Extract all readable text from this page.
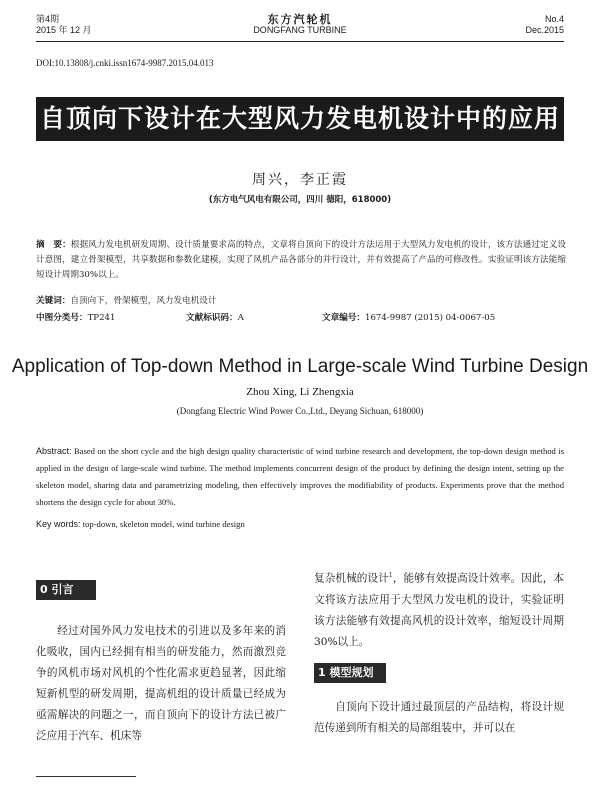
第4期
2015 年 12 月
东方汽轮机
DONGFANG TURBINE
No.4
Dec.2015
DOI:10.13808/j.cnki.issn1674-9987.2015.04.013
自顶向下设计在大型风力发电机设计中的应用
周兴，李正霞
(东方电气风电有限公司，四川 德阳，618000)
摘　要：根据风力发电机研发周期、设计质量要求高的特点，文章将自顶向下的设计方法运用于大型风力发电机的设计，该方法通过定义设计意图，建立骨架模型，共享数据和参数化建模，实现了风机产品各部分的并行设计，并有效提高了产品的可修改性。实验证明该方法能缩短设计周期30%以上。
关键词：自顶向下，骨架模型，风力发电机设计
中图分类号：TP241	文献标识码：A	文章编号：1674-9987 (2015) 04-0067-05
Application of Top-down Method in Large-scale Wind Turbine Design
Zhou Xing, Li Zhengxia
(Dongfang Electric Wind Power Co.,Ltd., Deyang Sichuan, 618000)
Abstract: Based on the short cycle and the high design quality characteristic of wind turbine research and development, the top-down design method is applied in the design of large-scale wind turbine. The method implements concurrent design of the product by defining the design intent, setting up the skeleton model, sharing data and parametrizing modeling, then effectively improves the modifiability of products. Experiments prove that the method shortens the design cycle for about 30%.
Key words: top-down, skeleton model, wind turbine design
0 引言
经过对国外风力发电技术的引进以及多年来的消化吸收，国内已经拥有相当的研发能力，然而激烈竞争的风机市场对风机的个性化需求更趋显著，因此缩短新机型的研发周期，提高机组的设计质量已经成为亟需解决的问题之一，而自顶向下的设计方法已被广泛应用于汽车、机床等
复杂机械的设计$^1$，能够有效提高设计效率。因此，本文将该方法应用于大型风力发电机的设计，实验证明该方法能够有效提高风机的设计效率，缩短设计周期30%以上。
1 模型规划
自顶向下设计通过最顶层的产品结构，将设计规范传递到所有相关的局部组装中，并可以在
